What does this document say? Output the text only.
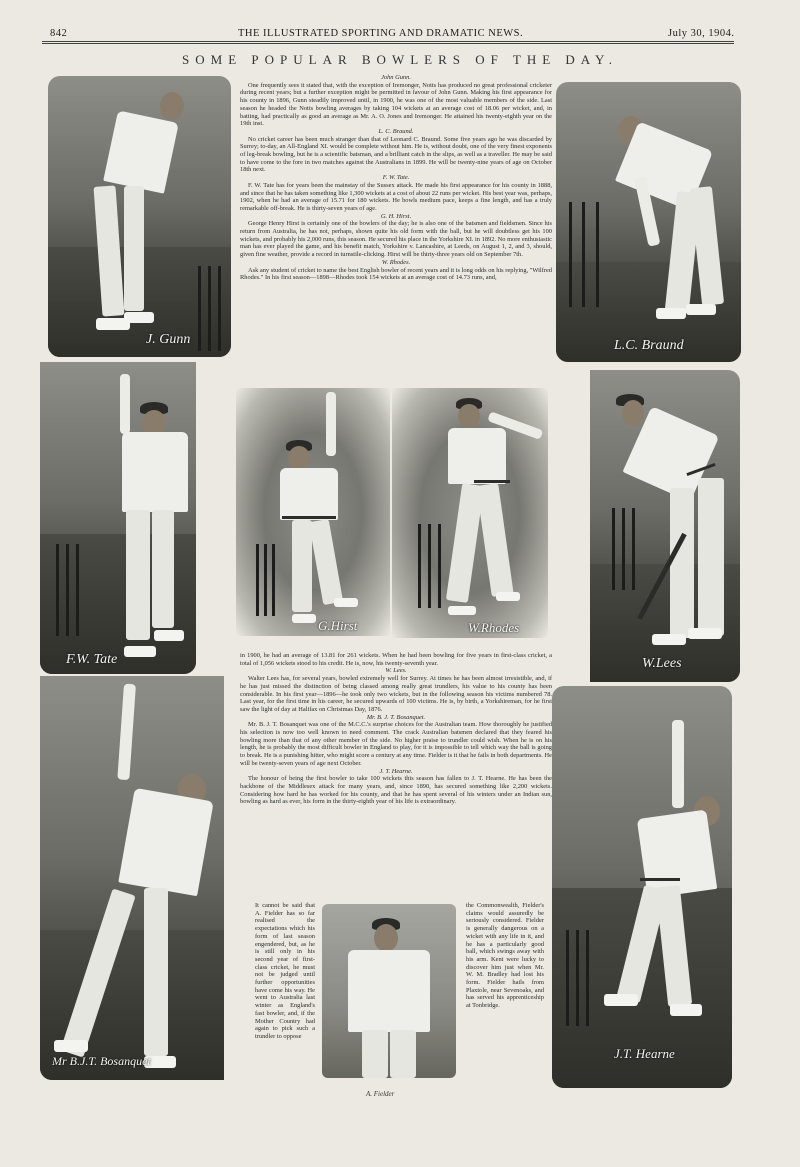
842	THE ILLUSTRATED SPORTING AND DRAMATIC NEWS.	July 30, 1904.
SOME POPULAR BOWLERS OF THE DAY.
J. Gunn	L.C. Braund
John Gunn.

One frequently sees it stated that, with the exception of Iremonger, Notts has produced no great professional cricketer during recent years; but a further exception might be permitted in favour of John Gunn. Making his first appearance for his county in 1896, Gunn steadily improved until, in 1900, he was one of the most valuable members of the side. Last season he headed the Notts bowling averages by taking 104 wickets at an average cost of 18.06 per wicket, and, in batting, had practically as good an average as Mr. A. O. Jones and Iremonger. He attained his twenty-eighth year on the 19th inst.

L. C. Braund.

No cricket career has been much stranger than that of Leonard C. Braund. Some five years ago he was discarded by Surrey; to-day, an All-England XI. would be complete without him. He is, without doubt, one of the very finest exponents of leg-break bowling, but he is a scientific batsman, and a brilliant catch in the slips, as well as a traveller. He may be said to have come to the fore in two matches against the Australians in 1899. He will be twenty-nine years of age on October 18th next.

F. W. Tate.

F. W. Tate has for years been the mainstay of the Sussex attack. He made his first appearance for his county in 1888, and since that he has taken something like 1,300 wickets at a cost of about 22 runs per wicket. His best year was, perhaps, 1902, when he had an average of 15.71 for 180 wickets. He bowls medium pace, keeps a fine length, and has a truly remarkable off-break. He is thirty-seven years of age.

G. H. Hirst.

George Henry Hirst is certainly one of the bowlers of the day; he is also one of the batsmen and fieldsmen. Since his return from Australia, he has not, perhaps, shown quite his old form with the ball, but he will doubtless get his 100 wickets, and probably his 2,000 runs, this season. He secured his place in the Yorkshire XI. in 1892. No more enthusiastic man has ever played the game, and his benefit match, Yorkshire v. Lancashire, at Leeds, on August 1, 2, and 3, should, given fine weather, provide a record in turnstile-clicking. Hirst will be thirty-three years old on September 7th.

W. Rhodes.

Ask any student of cricket to name the best English bowler of recent years and it is long odds on his replying, "Wilfred Rhodes." In his first season—1898—Rhodes took 154 wickets at an average cost of 14.73 runs, and,

F.W. Tate
G.Hirst	W.Rhodes
W.Lees

in 1900, he had an average of 13.81 for 261 wickets. When he had been bowling for five years in first-class cricket, a total of 1,056 wickets stood to his credit. He is, now, his twenty-seventh year.

W. Lees.

Walter Lees has, for several years, bowled extremely well for Surrey. At times he has been almost irresistible, and, if he has just missed the distinction of being classed among really great trundlers, his value to his county has been considerable. In his first year—1896—he took only two wickets, but in the following season his victims numbered 78. Last year, for the first time in his career, he secured upwards of 100 victims. He is, by birth, a Yorkshireman, for he first saw the light of day at Halifax on Christmas Day, 1876.

Mr. B. J. T. Bosanquet.

Mr. B. J. T. Bosanquet was one of the M.C.C.'s surprise choices for the Australian team. How thoroughly he justified his selection is now too well known to need comment. The crack Australian batsmen declared that they feared his bowling more than that of any other member of the side. No higher praise to trundler could wish. When he is on his length, he is probably the most difficult bowler in England to play, for it is impossible to tell which way the ball is going to break. He is a punishing hitter, who might score a century at any time. Fielder is it that he fails in both departments. He will be twenty-seven years of age next October.

J. T. Hearne.

The honour of being the first bowler to take 100 wickets this season has fallen to J. T. Hearne. He has been the backbone of the Middlesex attack for many years, and, since 1890, has secured something like 2,200 wickets. Considering how hard he has worked for his county, and that he has spent several of his winters under an Indian sun, bowling as hard as ever, his form in the thirty-eighth year of his life is extraordinary.

Mr B.J.T. Bosanquet
It cannot be said that A. Fielder has so far realised the expectations which his form of last season engendered, but, as he is still only in his second year of first-class cricket, he must not be judged until further opportunities have come his way. He went to Australia last winter as England's fast bowler, and, if the Mother Country had again to pick such a trundler to oppose
A. Fielder
the Commonwealth, Fielder's claims would assuredly be seriously considered. Fielder is generally dangerous on a wicket with any life in it, and he has a particularly good ball, which swings away with his arm. Kent were lucky to discover him just when Mr. W. M. Bradley had lost his form. Fielder hails from Plaxtole, near Sevenoaks, and has served his apprenticeship at Tonbridge.
J.T. Hearne
